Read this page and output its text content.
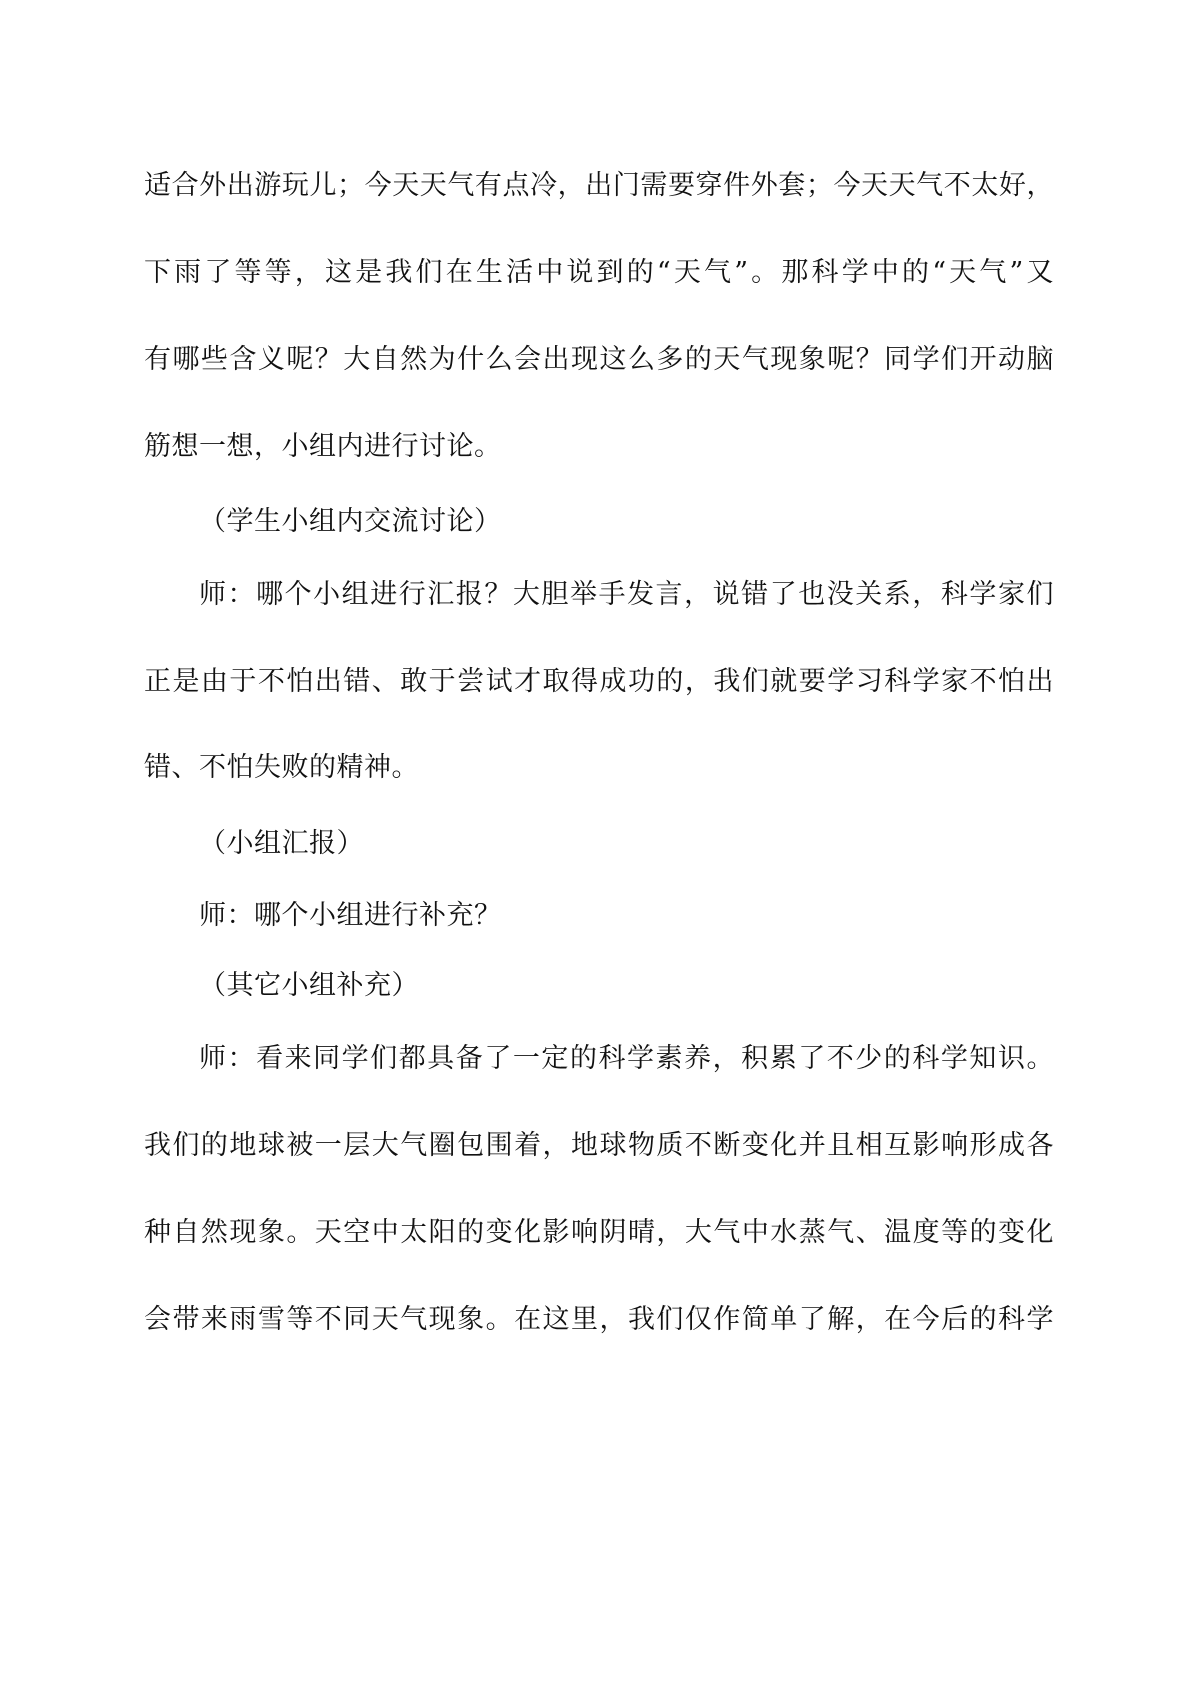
适合外出游玩儿；今天天气有点冷，出门需要穿件外套；今天天气不太好，

下雨了等等，这是我们在生活中说到的“天气”。那科学中的“天气”又

有哪些含义呢？大自然为什么会出现这么多的天气现象呢？同学们开动脑

筋想一想，小组内进行讨论。

（学生小组内交流讨论）

师：哪个小组进行汇报？大胆举手发言，说错了也没关系，科学家们

正是由于不怕出错、敢于尝试才取得成功的，我们就要学习科学家不怕出

错、不怕失败的精神。

（小组汇报）

师：哪个小组进行补充？

（其它小组补充）

师：看来同学们都具备了一定的科学素养，积累了不少的科学知识。

我们的地球被一层大气圈包围着，地球物质不断变化并且相互影响形成各

种自然现象。天空中太阳的变化影响阴晴，大气中水蒸气、温度等的变化

会带来雨雪等不同天气现象。在这里，我们仅作简单了解，在今后的科学
